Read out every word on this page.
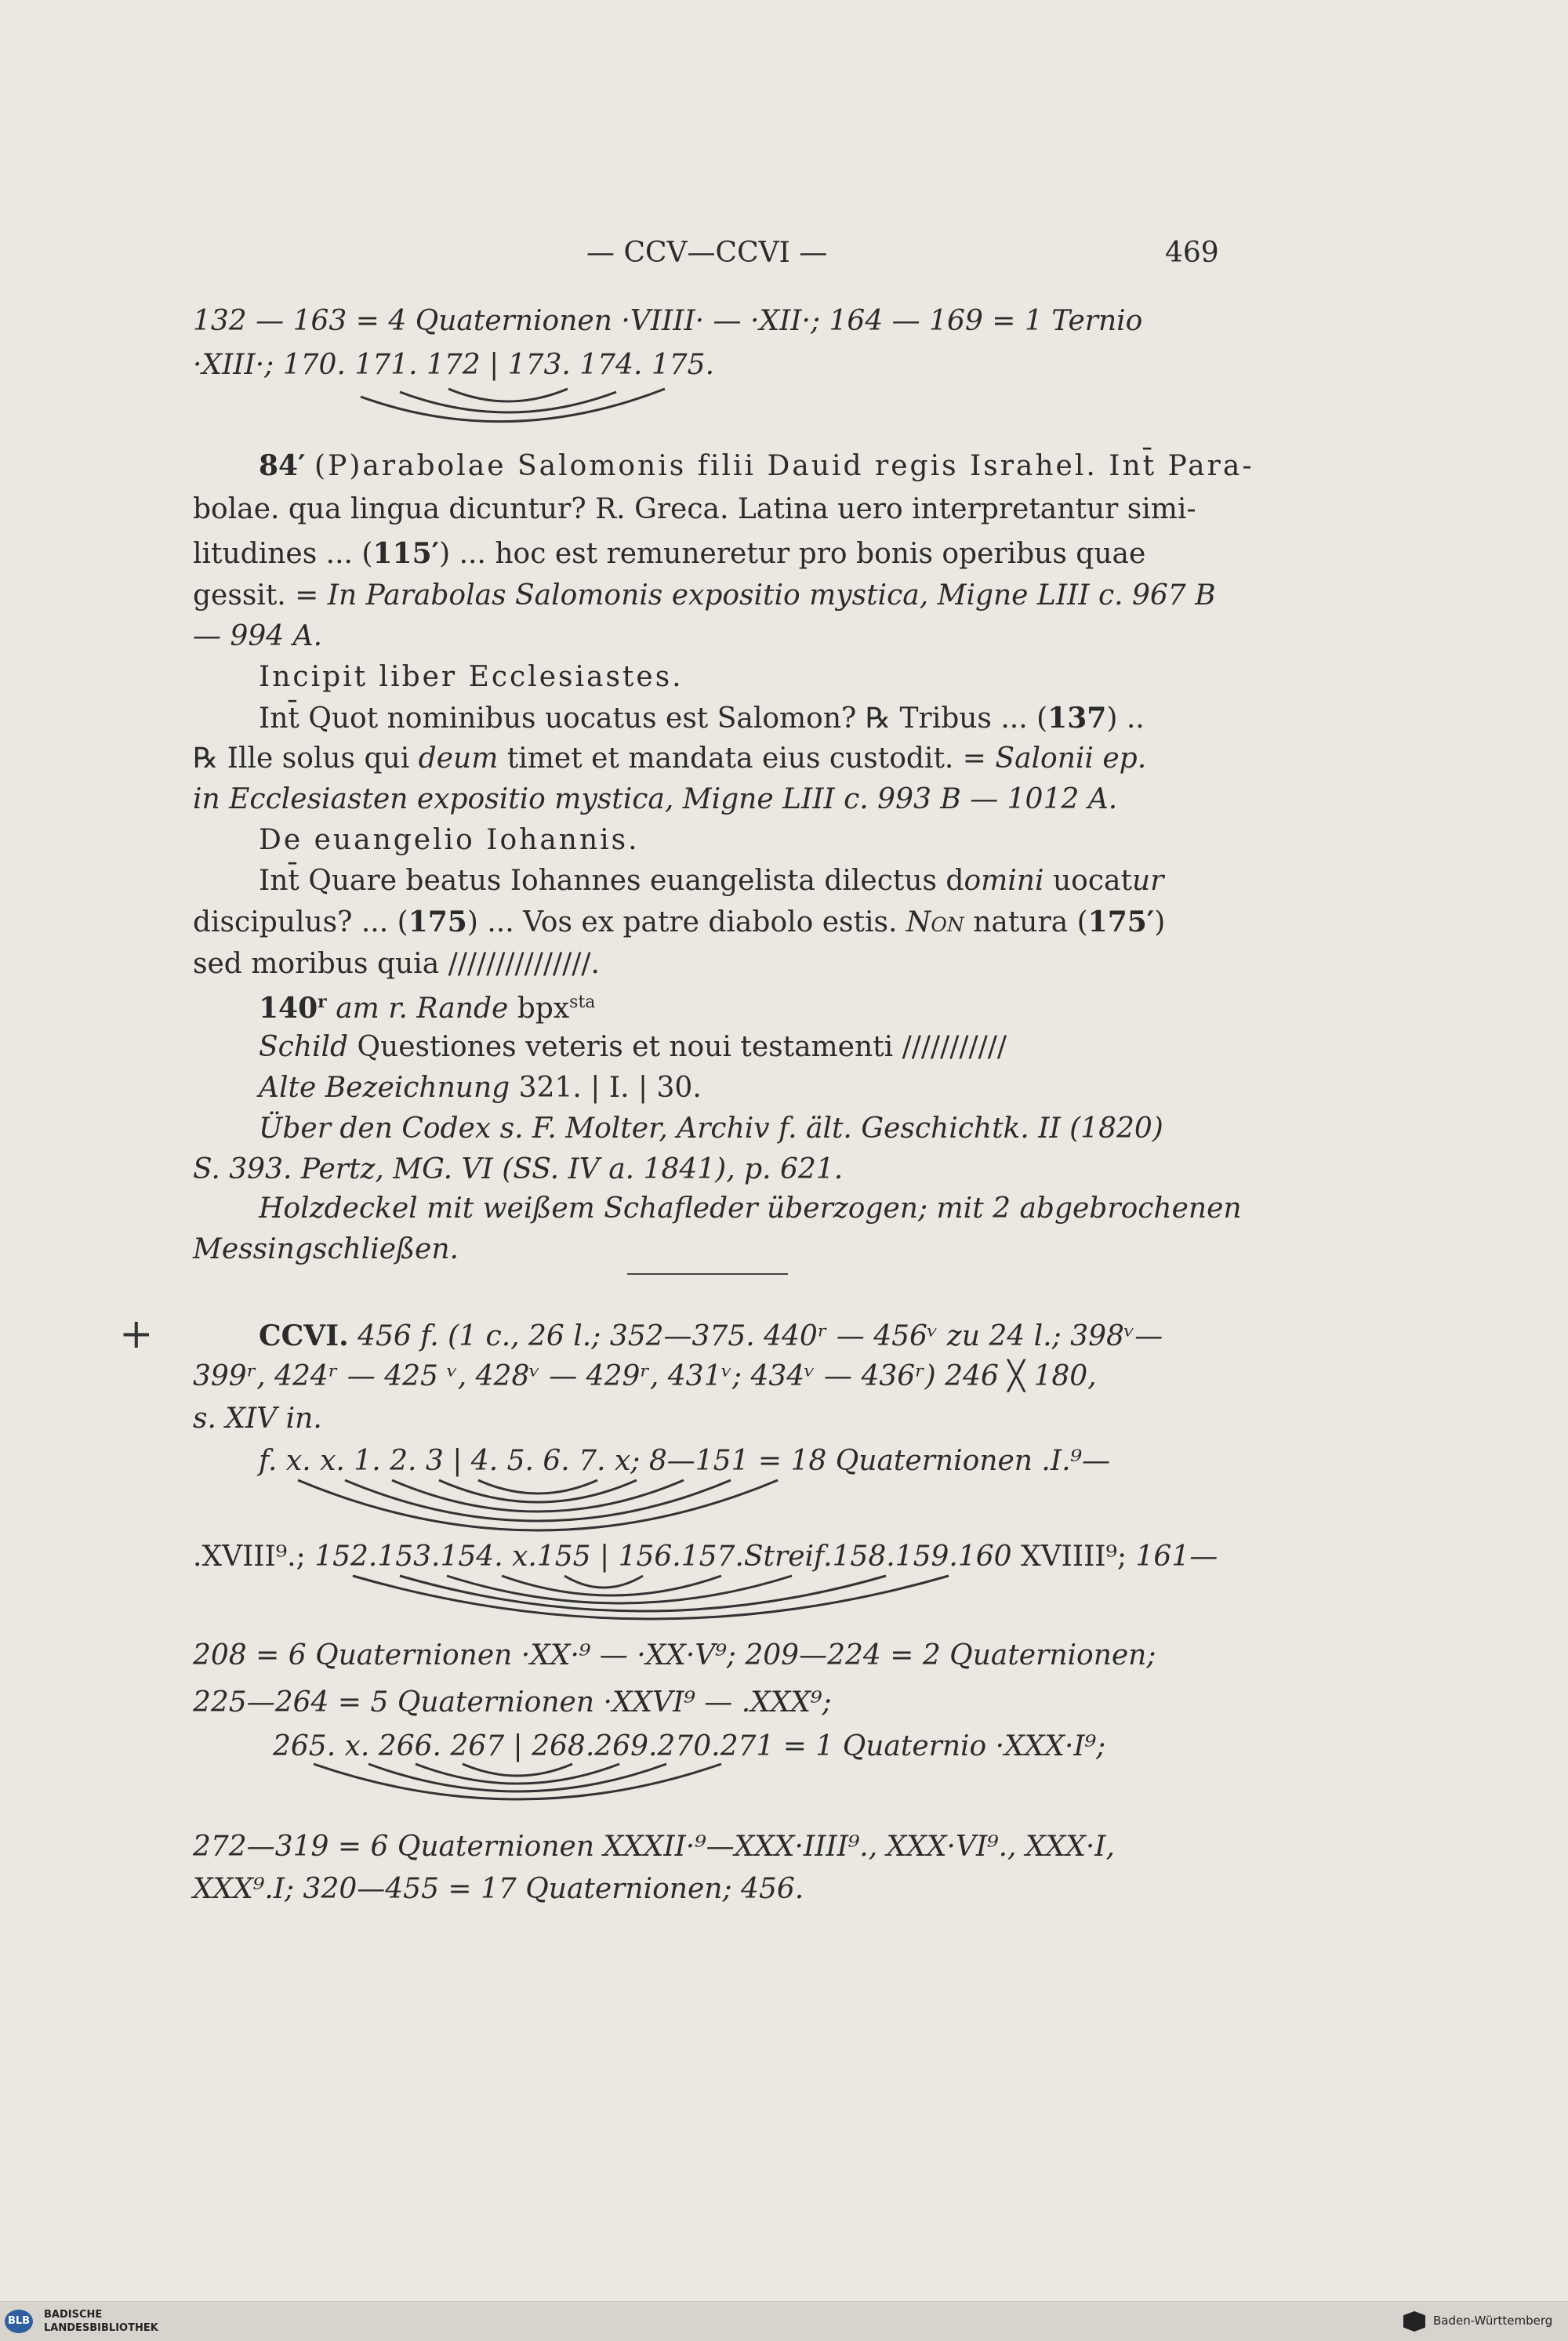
— CCV—CCVI —	469
132 — 163 = 4 Quaternionen ·VIIII· — ·XII·; 164 — 169 = 1 Ternio
·XIII·; 170. 171. 172 | 173. 174. 175.
84′ (P)arabolae Salomonis filii Dauid regis Israhel. Int̄ Para-
bolae. qua lingua dicuntur? R. Greca. Latina uero interpretantur simi-
litudines ... (115′) ... hoc est remuneretur pro bonis operibus quae
gessit. = In Parabolas Salomonis expositio mystica, Migne LIII c. 967 B
— 994 A.
Incipit liber Ecclesiastes.
Int̄ Quot nominibus uocatus est Salomon? ℞ Tribus ... (137) ..
℞ Ille solus qui deum timet et mandata eius custodit. = Salonii ep.
in Ecclesiasten expositio mystica, Migne LIII c. 993 B — 1012 A.
De euangelio Iohannis.
Int̄ Quare beatus Iohannes euangelista dilectus domini uocatur
discipulus? ... (175) ... Vos ex patre diabolo estis. Non natura (175′)
sed moribus quia ///////////////.
140$^r$ am r. Rande bpx$^{sta}$
Schild Questiones veteris et noui testamenti ///////////
Alte Bezeichnung 321. | I. | 30.
Über den Codex s. F. Molter, Archiv f. ält. Geschichtk. II (1820)
S. 393. Pertz, MG. VI (SS. IV a. 1841), p. 621.
Holzdeckel mit weißem Schafleder überzogen; mit 2 abgebrochenen
Messingschließen.
+	CCVI. 456 f. (1 c., 26 l.; 352—375. 440ʳ — 456ᵛ zu 24 l.; 398ᵛ—
399ʳ, 424ʳ — 425 ᵛ, 428ᵛ — 429ʳ, 431ᵛ; 434ᵛ — 436ʳ) 246 ╳ 180,
s. XIV in.
f. x. x. 1. 2. 3 | 4. 5. 6. 7. x; 8—151 = 18 Quaternionen .I.⁹—
.XVIII⁹.; 152.153.154. x.155 | 156.157.Streif.158.159.160 XVIIII⁹; 161—
208 = 6 Quaternionen ·XX·⁹ — ·XX·V⁹; 209—224 = 2 Quaternionen;
225—264 = 5 Quaternionen ·XXVI⁹ — .XXX⁹;
265. x. 266. 267 | 268.269.270.271 = 1 Quaternio ·XXX·I⁹;
272—319 = 6 Quaternionen XXXII·⁹—XXX·IIII⁹., XXX·VI⁹., XXX·I,
XXX⁹.I; 320—455 = 17 Quaternionen; 456.
BLB
BADISCHE
LANDESBIBLIOTHEK
Baden-Württemberg
